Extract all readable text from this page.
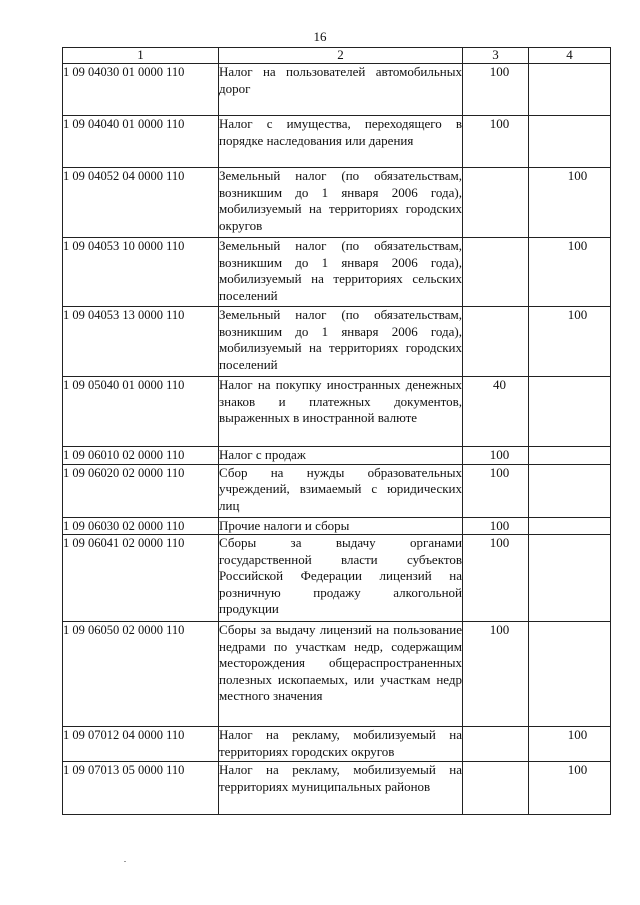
16
1	2	3	4
1 09 04030 01 0000 110	Налог на пользователей автомобильных дорог	100	
1 09 04040 01 0000 110	Налог с имущества, переходящего в порядке наследования или дарения	100	
1 09 04052 04 0000 110	Земельный налог (по обязательствам, возникшим до 1 января 2006 года), мобилизуемый на территориях городских округов		100
1 09 04053 10 0000 110	Земельный налог (по обязательствам, возникшим до 1 января 2006 года), мобилизуемый на территориях сельских поселений		100
1 09 04053 13 0000 110	Земельный налог (по обязательствам, возникшим до 1 января 2006 года), мобилизуемый на территориях городских поселений		100
1 09 05040 01 0000 110	Налог на покупку иностранных денежных знаков и платежных документов, выраженных в иностранной валюте	40	
1 09 06010 02 0000 110	Налог с продаж	100	
1 09 06020 02 0000 110	Сбор на нужды образовательных учреждений, взимаемый с юридических лиц	100	
1 09 06030 02 0000 110	Прочие налоги и сборы	100	
1 09 06041 02 0000 110	Сборы за выдачу органами государственной власти субъектов Российской Федерации лицензий на розничную продажу алкогольной продукции	100	
1 09 06050 02 0000 110	Сборы за выдачу лицензий на пользование недрами по участкам недр, содержащим месторождения общераспространенных полезных ископаемых, или участкам недр местного значения	100	
1 09 07012 04 0000 110	Налог на рекламу, мобилизуемый на территориях городских округов		100
1 09 07013 05 0000 110	Налог на рекламу, мобилизуемый на территориях муниципальных районов		100
